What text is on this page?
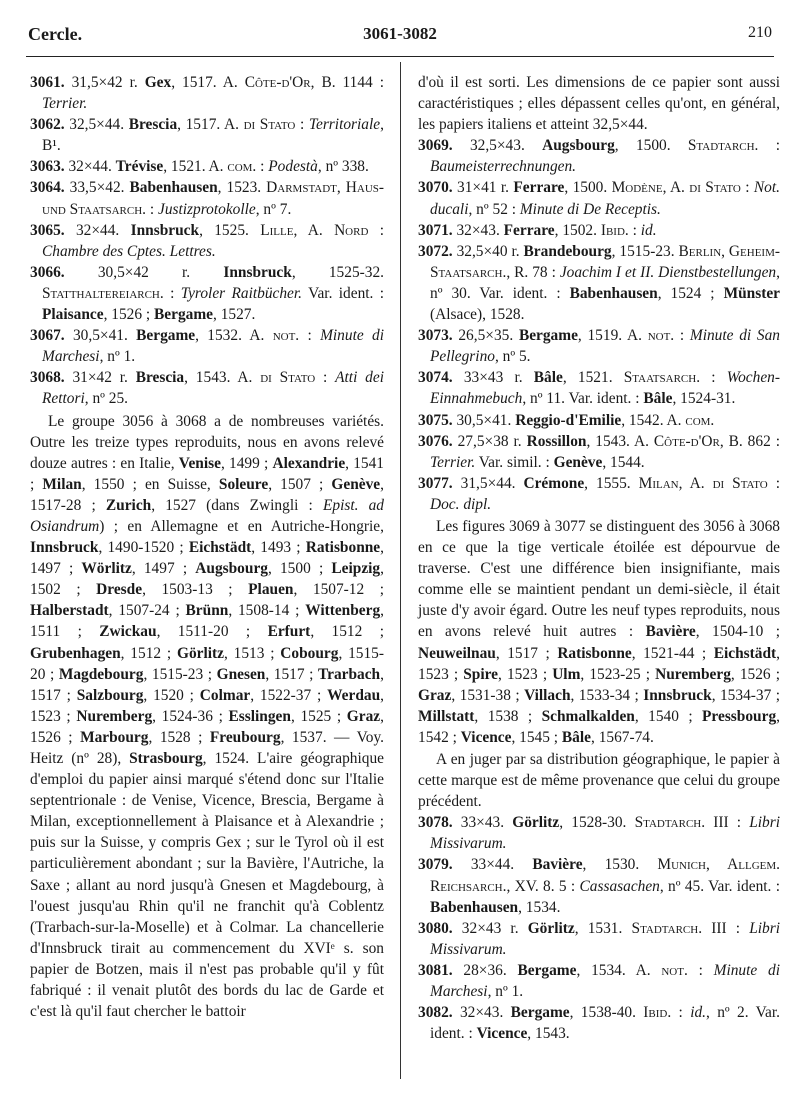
Cercle.	3061-3082	210

3061. 31,5×42 r. Gex, 1517. A. Côte-d'Or, B. 1144 : Terrier.

3062. 32,5×44. Brescia, 1517. A. di Stato : Territoriale, B¹.

3063. 32×44. Trévise, 1521. A. com. : Podestà, nº 338.

3064. 33,5×42. Babenhausen, 1523. Darmstadt, Haus- und Staatsarch. : Justizprotokolle, nº 7.

3065. 32×44. Innsbruck, 1525. Lille, A. Nord : Chambre des Cptes. Lettres.

3066. 30,5×42 r. Innsbruck, 1525-32. Statthaltereiarch. : Tyroler Raitbücher. Var. ident. : Plaisance, 1526 ; Bergame, 1527.

3067. 30,5×41. Bergame, 1532. A. not. : Minute di Marchesi, nº 1.

3068. 31×42 r. Brescia, 1543. A. di Stato : Atti dei Rettori, nº 25.

Le groupe 3056 à 3068 a de nombreuses variétés. Outre les treize types reproduits, nous en avons relevé douze autres : en Italie, Venise, 1499 ; Alexandrie, 1541 ; Milan, 1550 ; en Suisse, Soleure, 1507 ; Genève, 1517-28 ; Zurich, 1527 (dans Zwingli : Epist. ad Osiandrum) ; en Allemagne et en Autriche-Hongrie, Innsbruck, 1490-1520 ; Eichstädt, 1493 ; Ratisbonne, 1497 ; Wörlitz, 1497 ; Augsbourg, 1500 ; Leipzig, 1502 ; Dresde, 1503-13 ; Plauen, 1507-12 ; Halberstadt, 1507-24 ; Brünn, 1508-14 ; Wittenberg, 1511 ; Zwickau, 1511-20 ; Erfurt, 1512 ; Grubenhagen, 1512 ; Görlitz, 1513 ; Cobourg, 1515-20 ; Magdebourg, 1515-23 ; Gnesen, 1517 ; Trarbach, 1517 ; Salzbourg, 1520 ; Colmar, 1522-37 ; Werdau, 1523 ; Nuremberg, 1524-36 ; Esslingen, 1525 ; Graz, 1526 ; Marbourg, 1528 ; Freubourg, 1537. — Voy. Heitz (nº 28), Strasbourg, 1524. L'aire géographique d'emploi du papier ainsi marqué s'étend donc sur l'Italie septentrionale : de Venise, Vicence, Brescia, Bergame à Milan, exceptionnellement à Plaisance et à Alexandrie ; puis sur la Suisse, y compris Gex ; sur le Tyrol où il est particulièrement abondant ; sur la Bavière, l'Autriche, la Saxe ; allant au nord jusqu'à Gnesen et Magdebourg, à l'ouest jusqu'au Rhin qu'il ne franchit qu'à Coblentz (Trarbach-sur-la-Moselle) et à Colmar. La chancellerie d'Innsbruck tirait au commencement du XVIᵉ s. son papier de Botzen, mais il n'est pas probable qu'il y fût fabriqué : il venait plutôt des bords du lac de Garde et c'est là qu'il faut chercher le battoir

d'où il est sorti. Les dimensions de ce papier sont aussi caractéristiques ; elles dépassent celles qu'ont, en général, les papiers italiens et atteint 32,5×44.

3069. 32,5×43. Augsbourg, 1500. Stadtarch. : Baumeisterrechnungen.

3070. 31×41 r. Ferrare, 1500. Modène, A. di Stato : Not. ducali, nº 52 : Minute di De Receptis.

3071. 32×43. Ferrare, 1502. Ibid. : id.

3072. 32,5×40 r. Brandebourg, 1515-23. Berlin, Geheim-Staatsarch., R. 78 : Joachim I et II. Dienstbestellungen, nº 30. Var. ident. : Babenhausen, 1524 ; Münster (Alsace), 1528.

3073. 26,5×35. Bergame, 1519. A. not. : Minute di San Pellegrino, nº 5.

3074. 33×43 r. Bâle, 1521. Staatsarch. : Wochen-Einnahmebuch, nº 11. Var. ident. : Bâle, 1524-31.

3075. 30,5×41. Reggio-d'Emilie, 1542. A. com.

3076. 27,5×38 r. Rossillon, 1543. A. Côte-d'Or, B. 862 : Terrier. Var. simil. : Genève, 1544.

3077. 31,5×44. Crémone, 1555. Milan, A. di Stato : Doc. dipl.

Les figures 3069 à 3077 se distinguent des 3056 à 3068 en ce que la tige verticale étoilée est dépourvue de traverse. C'est une différence bien insignifiante, mais comme elle se maintient pendant un demi-siècle, il était juste d'y avoir égard. Outre les neuf types reproduits, nous en avons relevé huit autres : Bavière, 1504-10 ; Neuweilnau, 1517 ; Ratisbonne, 1521-44 ; Eichstädt, 1523 ; Spire, 1523 ; Ulm, 1523-25 ; Nuremberg, 1526 ; Graz, 1531-38 ; Villach, 1533-34 ; Innsbruck, 1534-37 ; Millstatt, 1538 ; Schmalkalden, 1540 ; Pressbourg, 1542 ; Vicence, 1545 ; Bâle, 1567-74.

A en juger par sa distribution géographique, le papier à cette marque est de même provenance que celui du groupe précédent.

3078. 33×43. Görlitz, 1528-30. Stadtarch. III : Libri Missivarum.

3079. 33×44. Bavière, 1530. Munich, Allgem. Reichsarch., XV. 8. 5 : Cassasachen, nº 45. Var. ident. : Babenhausen, 1534.

3080. 32×43 r. Görlitz, 1531. Stadtarch. III : Libri Missivarum.

3081. 28×36. Bergame, 1534. A. not. : Minute di Marchesi, nº 1.

3082. 32×43. Bergame, 1538-40. Ibid. : id., nº 2. Var. ident. : Vicence, 1543.
